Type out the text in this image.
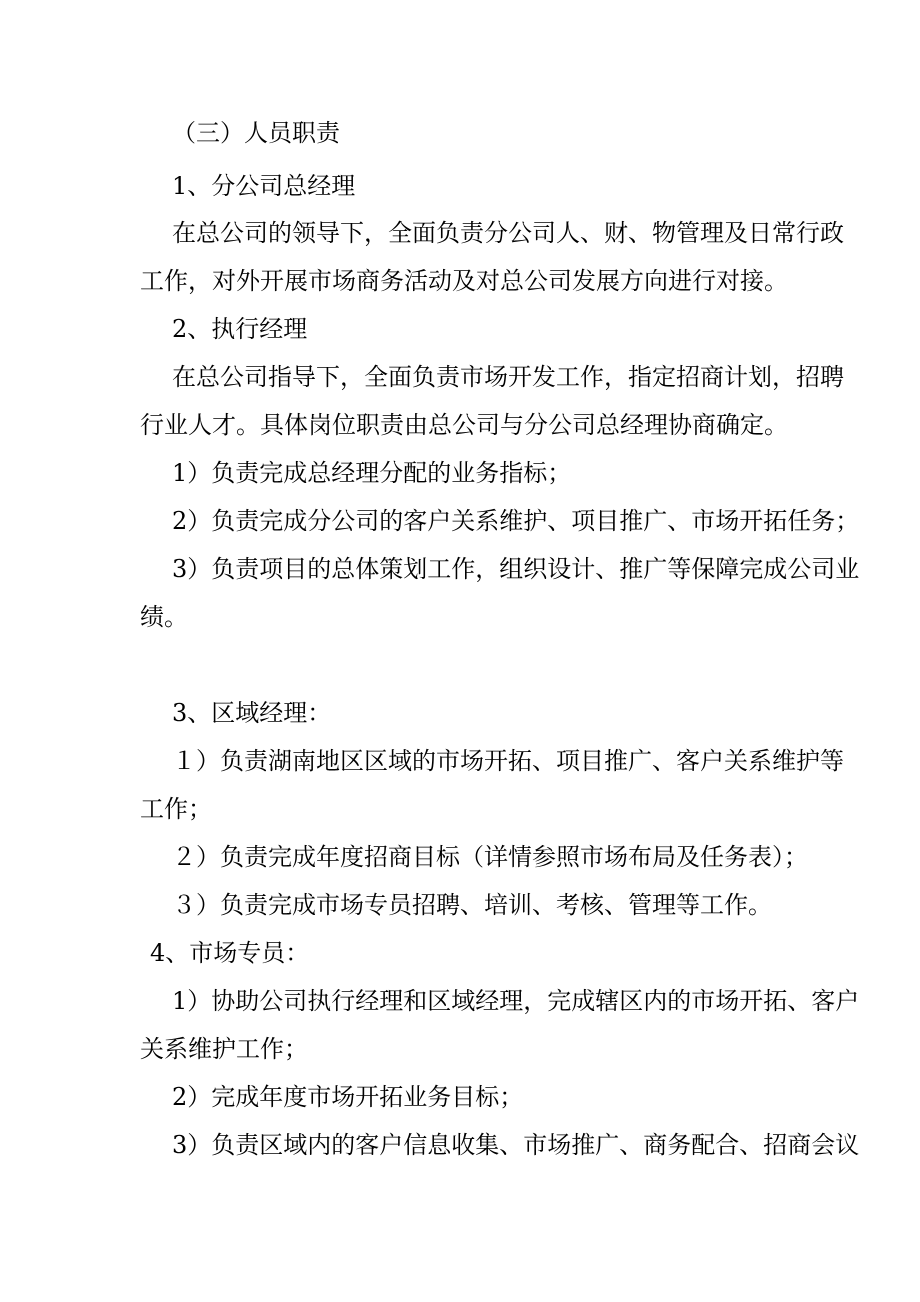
（三）人员职责

1、分公司总经理

在总公司的领导下，全面负责分公司人、财、物管理及日常行政

工作，对外开展市场商务活动及对总公司发展方向进行对接。

2、执行经理

在总公司指导下，全面负责市场开发工作，指定招商计划，招聘

行业人才。具体岗位职责由总公司与分公司总经理协商确定。

1）负责完成总经理分配的业务指标；

2）负责完成分公司的客户关系维护、项目推广、市场开拓任务；

3）负责项目的总体策划工作，组织设计、推广等保障完成公司业

绩。

3、区域经理：

１）负责湖南地区区域的市场开拓、项目推广、客户关系维护等

工作；

２）负责完成年度招商目标（详情参照市场布局及任务表）；

３）负责完成市场专员招聘、培训、考核、管理等工作。

4、市场专员：

1）协助公司执行经理和区域经理，完成辖区内的市场开拓、客户

关系维护工作；

2）完成年度市场开拓业务目标；

3）负责区域内的客户信息收集、市场推广、商务配合、招商会议
